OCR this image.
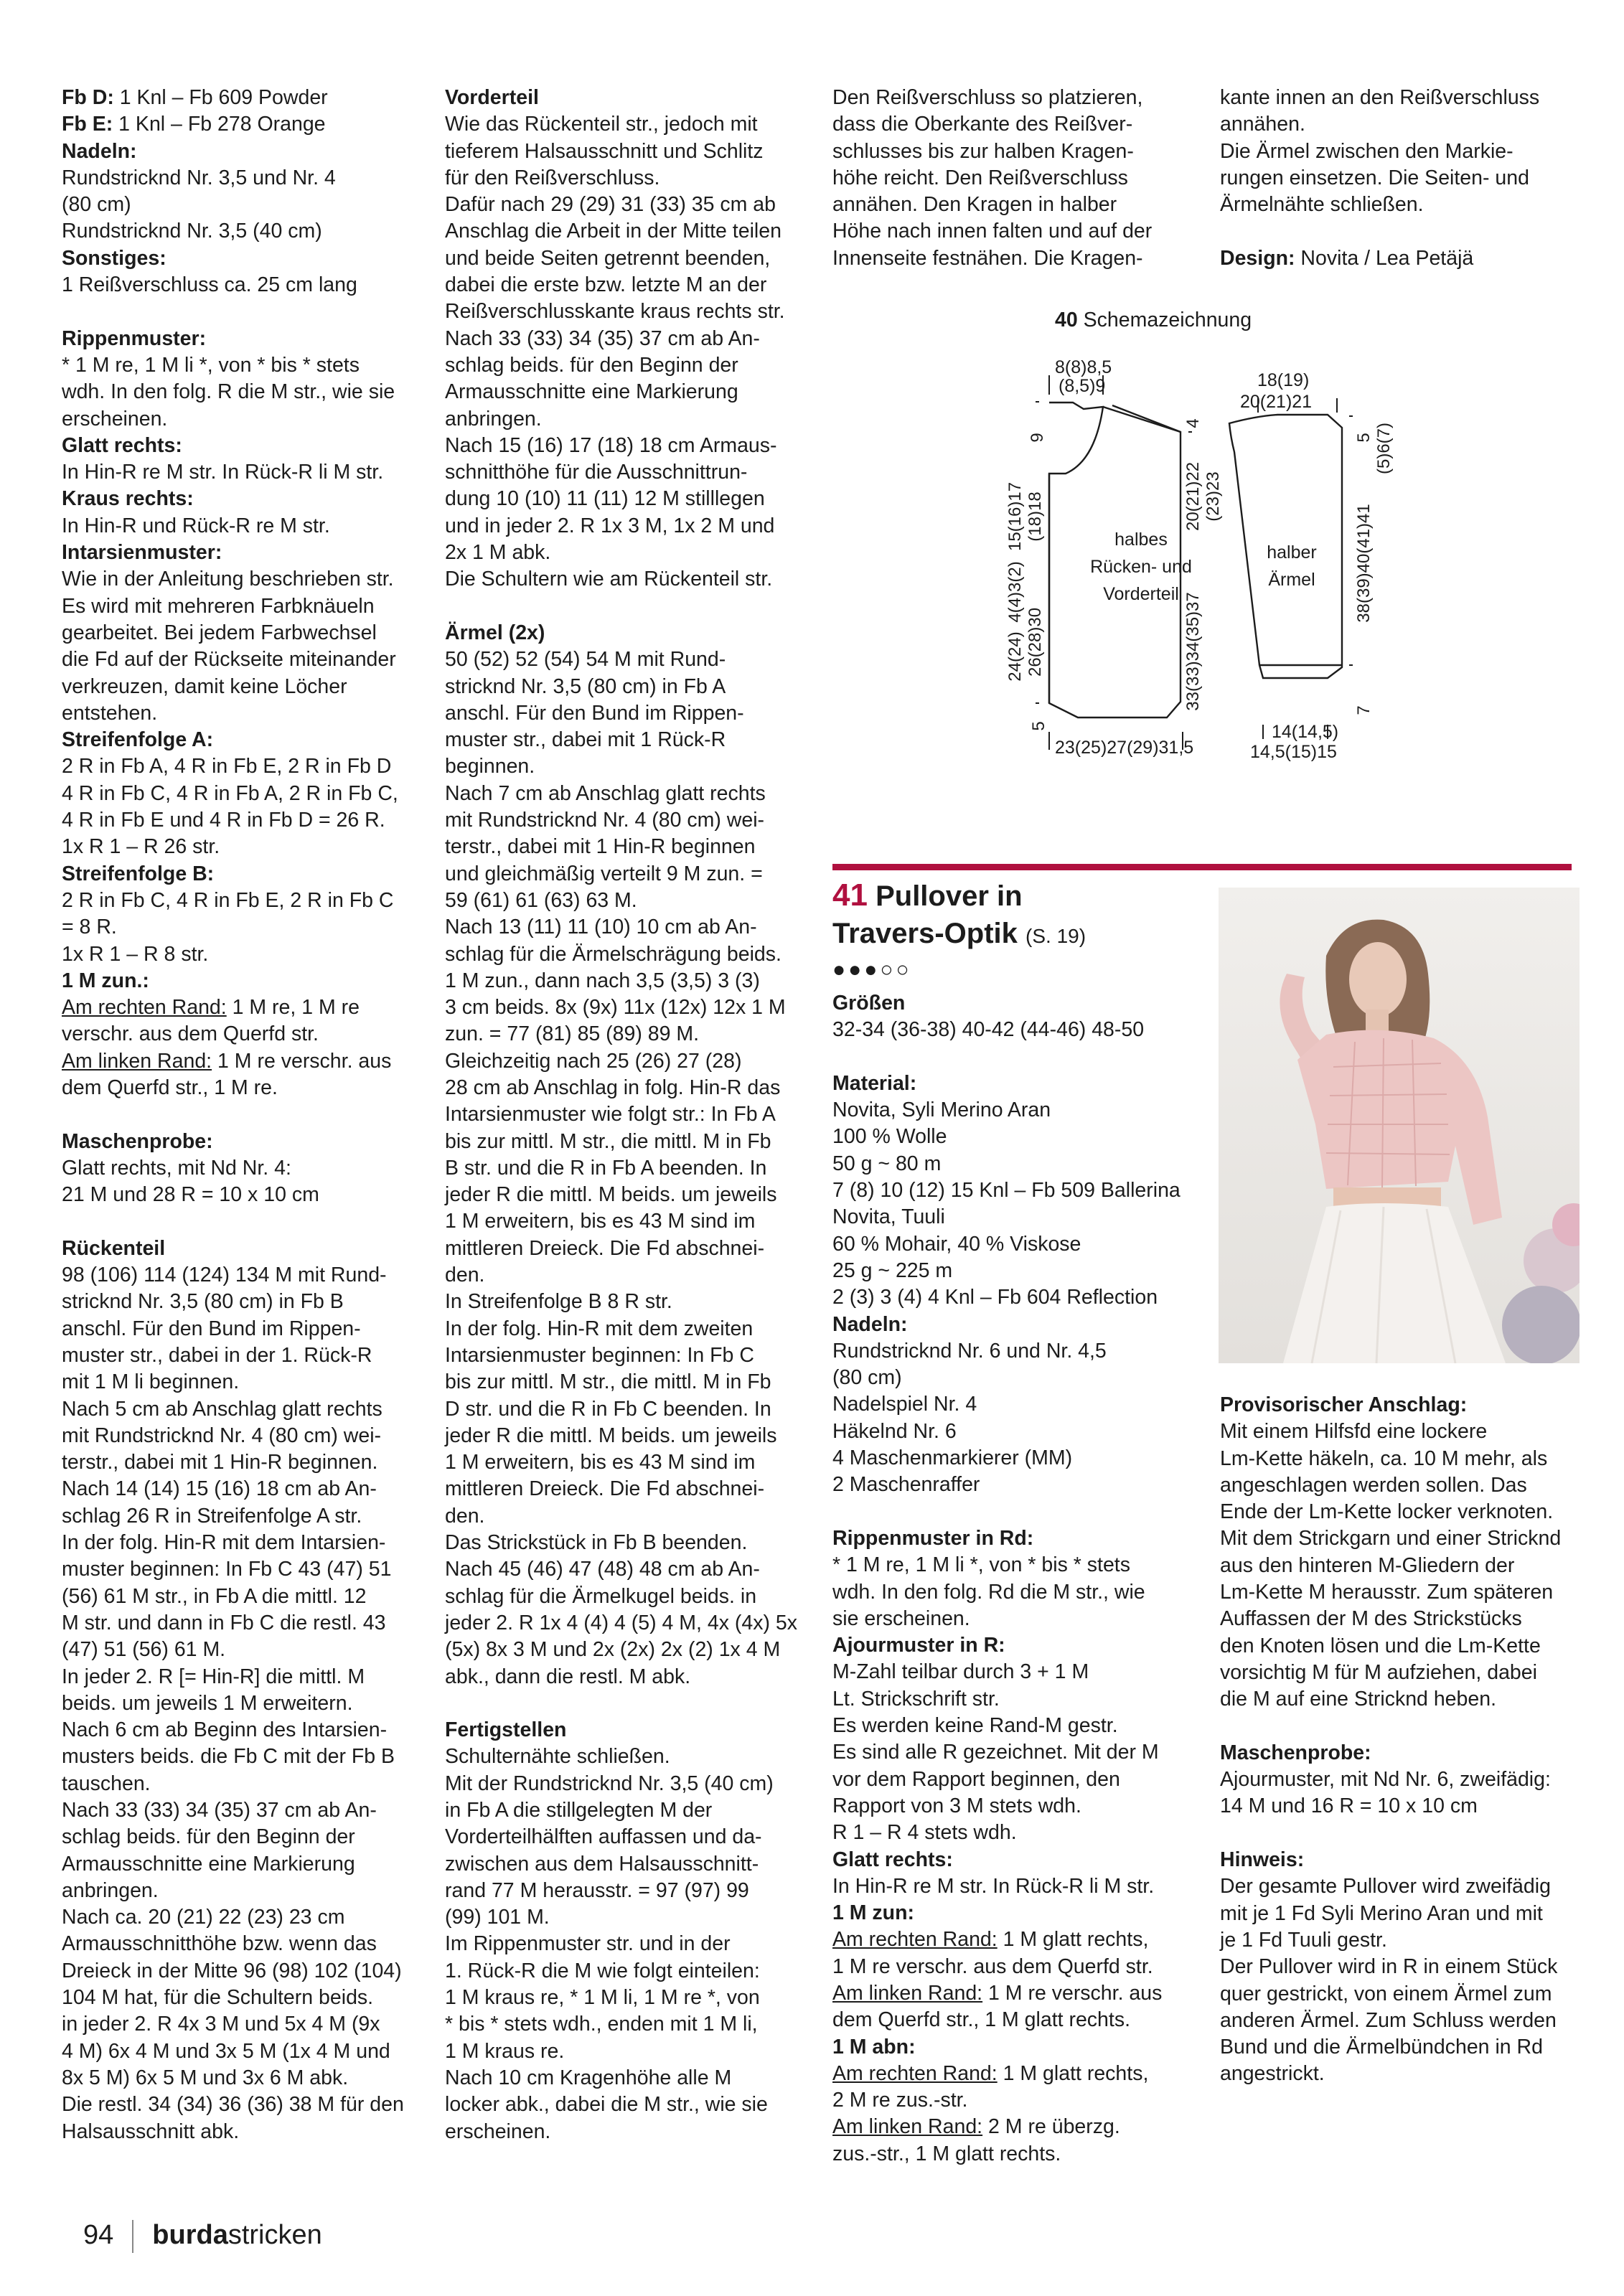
Fb D: 1 Knl – Fb 609 Powder

Fb E: 1 Knl – Fb 278 Orange

Nadeln:

Rundstricknd Nr. 3,5 und Nr. 4

(80 cm)

Rundstricknd Nr. 3,5 (40 cm)

Sonstiges:

1 Reißverschluss ca. 25 cm lang

Rippenmuster:

* 1 M re, 1 M li *, von * bis * stets

wdh. In den folg. R die M str., wie sie

erscheinen.

Glatt rechts:

In Hin-R re M str. In Rück-R li M str.

Kraus rechts:

In Hin-R und Rück-R re M str.

Intarsienmuster:

Wie in der Anleitung beschrieben str.

Es wird mit mehreren Farbknäueln

gearbeitet. Bei jedem Farbwechsel

die Fd auf der Rückseite miteinander

verkreuzen, damit keine Löcher

entstehen.

Streifenfolge A:

2 R in Fb A, 4 R in Fb E, 2 R in Fb D

4 R in Fb C, 4 R in Fb A, 2 R in Fb C,

4 R in Fb E und 4 R in Fb D = 26 R.

1x R 1 – R 26 str.

Streifenfolge B:

2 R in Fb C, 4 R in Fb E, 2 R in Fb C

= 8 R.

1x R 1 – R 8 str.

1 M zun.:

Am rechten Rand: 1 M re, 1 M re

verschr. aus dem Querfd str.

Am linken Rand: 1 M re verschr. aus

dem Querfd str., 1 M re.

Maschenprobe:

Glatt rechts, mit Nd Nr. 4:

21 M und 28 R = 10 x 10 cm

Rückenteil

98 (106) 114 (124) 134 M mit Rund-

stricknd Nr. 3,5 (80 cm) in Fb B

anschl. Für den Bund im Rippen-

muster str., dabei in der 1. Rück-R

mit 1 M li beginnen.

Nach 5 cm ab Anschlag glatt rechts

mit Rundstricknd Nr. 4 (80 cm) wei-

terstr., dabei mit 1 Hin-R beginnen.

Nach 14 (14) 15 (16) 18 cm ab An-

schlag 26 R in Streifenfolge A str.

In der folg. Hin-R mit dem Intarsien-

muster beginnen: In Fb C 43 (47) 51

(56) 61 M str., in Fb A die mittl. 12

M str. und dann in Fb C die restl. 43

(47) 51 (56) 61 M.

In jeder 2. R [= Hin-R] die mittl. M

beids. um jeweils 1 M erweitern.

Nach 6 cm ab Beginn des Intarsien-

musters beids. die Fb C mit der Fb B

tauschen.

Nach 33 (33) 34 (35) 37 cm ab An-

schlag beids. für den Beginn der

Armausschnitte eine Markierung

anbringen.

Nach ca. 20 (21) 22 (23) 23 cm

Armausschnitthöhe bzw. wenn das

Dreieck in der Mitte 96 (98) 102 (104)

104 M hat, für die Schultern beids.

in jeder 2. R 4x 3 M und 5x 4 M (9x

4 M) 6x 4 M und 3x 5 M (1x 4 M und

8x 5 M) 6x 5 M und 3x 6 M abk.

Die restl. 34 (34) 36 (36) 38 M für den

Halsausschnitt abk.

Vorderteil

Wie das Rückenteil str., jedoch mit

tieferem Halsausschnitt und Schlitz

für den Reißverschluss.

Dafür nach 29 (29) 31 (33) 35 cm ab

Anschlag die Arbeit in der Mitte teilen

und beide Seiten getrennt beenden,

dabei die erste bzw. letzte M an der

Reißverschlusskante kraus rechts str.

Nach 33 (33) 34 (35) 37 cm ab An-

schlag beids. für den Beginn der

Armausschnitte eine Markierung

anbringen.

Nach 15 (16) 17 (18) 18 cm Armaus-

schnitthöhe für die Ausschnittrun-

dung 10 (10) 11 (11) 12 M stilllegen

und in jeder 2. R 1x 3 M, 1x 2 M und

2x 1 M abk.

Die Schultern wie am Rückenteil str.

Ärmel (2x)

50 (52) 52 (54) 54 M mit Rund-

stricknd Nr. 3,5 (80 cm) in Fb A

anschl. Für den Bund im Rippen-

muster str., dabei mit 1 Rück-R

beginnen.

Nach 7 cm ab Anschlag glatt rechts

mit Rundstricknd Nr. 4 (80 cm) wei-

terstr., dabei mit 1 Hin-R beginnen

und gleichmäßig verteilt 9 M zun. =

59 (61) 61 (63) 63 M.

Nach 13 (11) 11 (10) 10 cm ab An-

schlag für die Ärmelschrägung beids.

1 M zun., dann nach 3,5 (3,5) 3 (3)

3 cm beids. 8x (9x) 11x (12x) 12x 1 M

zun. = 77 (81) 85 (89) 89 M.

Gleichzeitig nach 25 (26) 27 (28)

28 cm ab Anschlag in folg. Hin-R das

Intarsienmuster wie folgt str.: In Fb A

bis zur mittl. M str., die mittl. M in Fb

B str. und die R in Fb A beenden. In

jeder R die mittl. M beids. um jeweils

1 M erweitern, bis es 43 M sind im

mittleren Dreieck. Die Fd abschnei-

den.

In Streifenfolge B 8 R str.

In der folg. Hin-R mit dem zweiten

Intarsienmuster beginnen: In Fb C

bis zur mittl. M str., die mittl. M in Fb

D str. und die R in Fb C beenden. In

jeder R die mittl. M beids. um jeweils

1 M erweitern, bis es 43 M sind im

mittleren Dreieck. Die Fd abschnei-

den.

Das Strickstück in Fb B beenden.

Nach 45 (46) 47 (48) 48 cm ab An-

schlag für die Ärmelkugel beids. in

jeder 2. R 1x 4 (4) 4 (5) 4 M, 4x (4x) 5x

(5x) 8x 3 M und 2x (2x) 2x (2) 1x 4 M

abk., dann die restl. M abk.

Fertigstellen

Schulternähte schließen.

Mit der Rundstricknd Nr. 3,5 (40 cm)

in Fb A die stillgelegten M der

Vorderteilhälften auffassen und da-

zwischen aus dem Halsausschnitt-

rand 77 M herausstr. = 97 (97) 99

(99) 101 M.

Im Rippenmuster str. und in der

1. Rück-R die M wie folgt einteilen:

1 M kraus re, * 1 M li, 1 M re *, von

* bis * stets wdh., enden mit 1 M li,

1 M kraus re.

Nach 10 cm Kragenhöhe alle M

locker abk., dabei die M str., wie sie

erscheinen.

Den Reißverschluss so platzieren,

dass die Oberkante des Reißver-

schlusses bis zur halben Kragen-

höhe reicht. Den Reißverschluss

annähen. Den Kragen in halber

Höhe nach innen falten und auf der

Innenseite festnähen. Die Kragen-

kante innen an den Reißverschluss

annähen.

Die Ärmel zwischen den Markie-

rungen einsetzen. Die Seiten- und

Ärmelnähte schließen.

Design: Novita / Lea Petäjä

40 Schemazeichnung
8(8)8,5
(8,5)9
23(25)27(29)31,5
18(19)
20(21)21
14(14,5)
14,5(15)15
halbes
Rücken- und
Vorderteil
halber
Ärmel
9
15(16)17 (18)18
4(4)3(2)
24(24) 26(28)30
5
4
20(21)22 (23)23
33(33)34(35)37
5 (5)6(7)
38(39)40(41)41
7
41 Pullover in
Travers-Optik (S. 19)
●●●○○

Größen

32-34 (36-38) 40-42 (44-46) 48-50

Material:

Novita, Syli Merino Aran

100 % Wolle

50 g ~ 80 m

7 (8) 10 (12) 15 Knl – Fb 509 Ballerina

Novita, Tuuli

60 % Mohair, 40 % Viskose

25 g ~ 225 m

2 (3) 3 (4) 4 Knl – Fb 604 Reflection

Nadeln:

Rundstricknd Nr. 6 und Nr. 4,5

(80 cm)

Nadelspiel Nr. 4

Häkelnd Nr. 6

4 Maschenmarkierer (MM)

2 Maschenraffer

Rippenmuster in Rd:

* 1 M re, 1 M li *, von * bis * stets

wdh. In den folg. Rd die M str., wie

sie erscheinen.

Ajourmuster in R:

M-Zahl teilbar durch 3 + 1 M

Lt. Strickschrift str.

Es werden keine Rand-M gestr.

Es sind alle R gezeichnet. Mit der M

vor dem Rapport beginnen, den

Rapport von 3 M stets wdh.

R 1 – R 4 stets wdh.

Glatt rechts:

In Hin-R re M str. In Rück-R li M str.

1 M zun:

Am rechten Rand: 1 M glatt rechts,

1 M re verschr. aus dem Querfd str.

Am linken Rand: 1 M re verschr. aus

dem Querfd str., 1 M glatt rechts.

1 M abn:

Am rechten Rand: 1 M glatt rechts,

2 M re zus.-str.

Am linken Rand: 2 M re überzg.

zus.-str., 1 M glatt rechts.

Provisorischer Anschlag:

Mit einem Hilfsfd eine lockere

Lm-Kette häkeln, ca. 10 M mehr, als

angeschlagen werden sollen. Das

Ende der Lm-Kette locker verknoten.

Mit dem Strickgarn und einer Stricknd

aus den hinteren M-Gliedern der

Lm-Kette M herausstr. Zum späteren

Auffassen der M des Strickstücks

den Knoten lösen und die Lm-Kette

vorsichtig M für M aufziehen, dabei

die M auf eine Stricknd heben.

Maschenprobe:

Ajourmuster, mit Nd Nr. 6, zweifädig:

14 M und 16 R = 10 x 10 cm

Hinweis:

Der gesamte Pullover wird zweifädig

mit je 1 Fd Syli Merino Aran und mit

je 1 Fd Tuuli gestr.

Der Pullover wird in R in einem Stück

quer gestrickt, von einem Ärmel zum

anderen Ärmel. Zum Schluss werden

Bund und die Ärmelbündchen in Rd

angestrickt.

94 burdastricken
